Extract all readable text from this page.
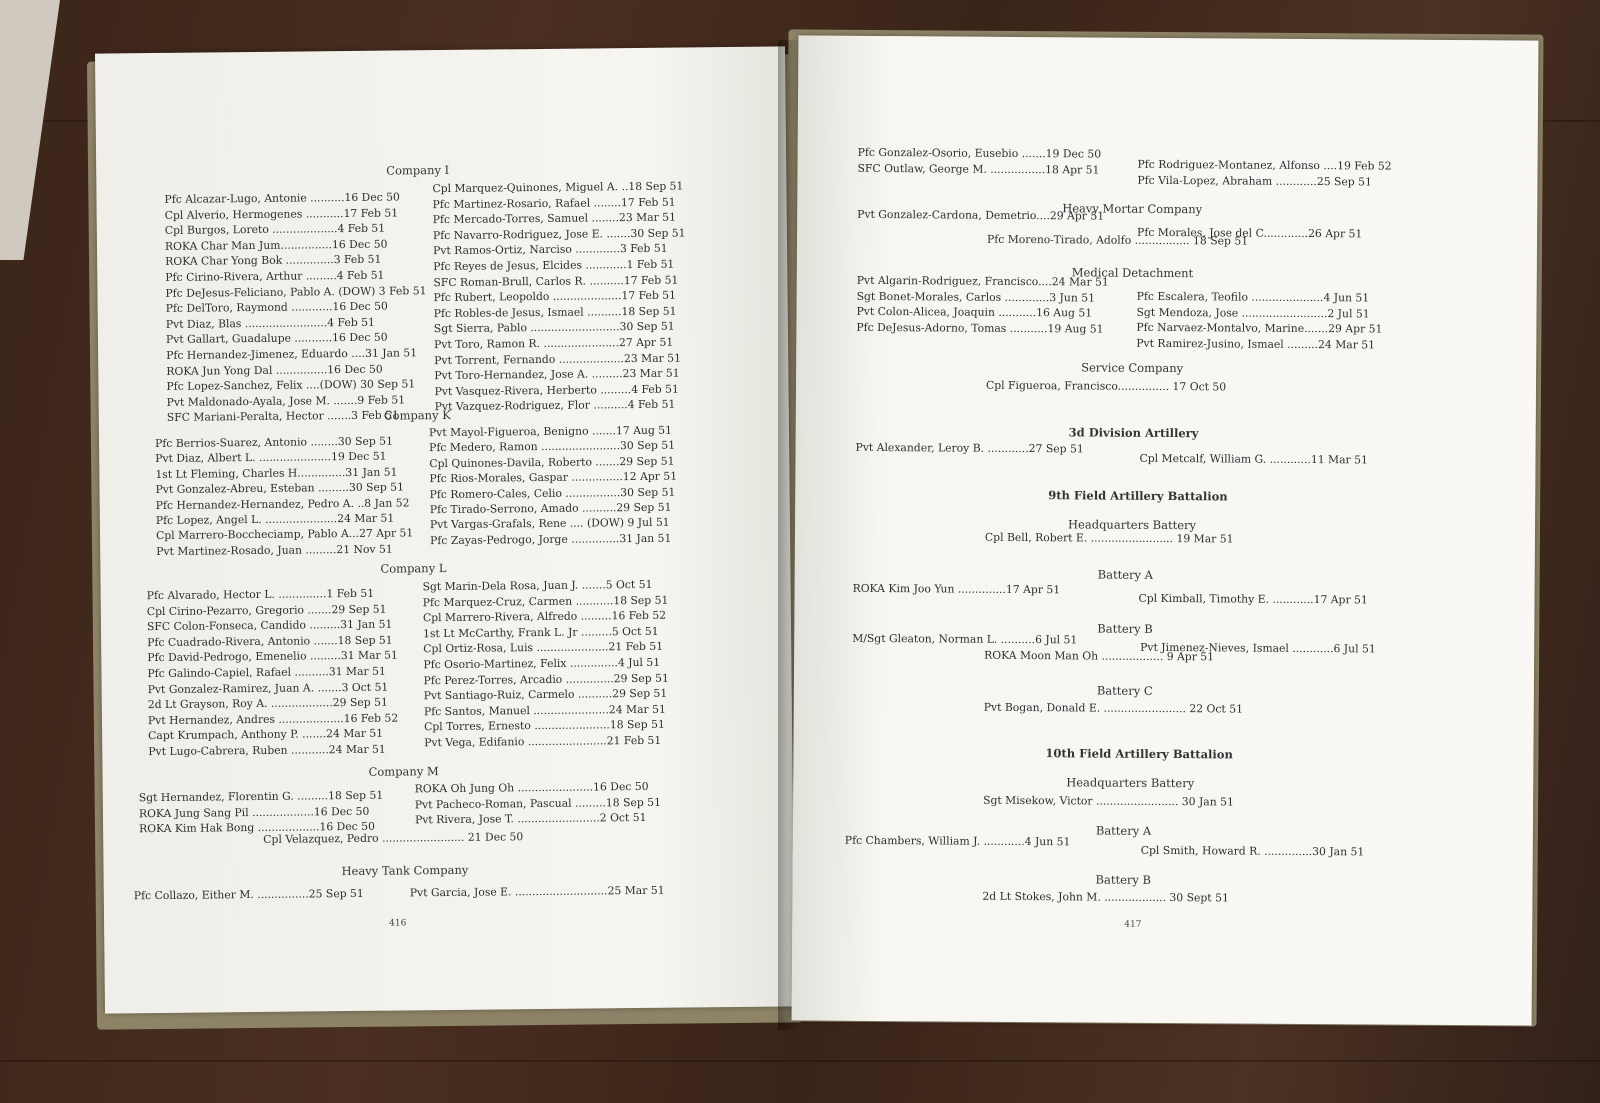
Company I
Pfc Alcazar-Lugo, Antonie ..........16 Dec 50
Cpl Alverio, Hermogenes ...........17 Feb 51
Cpl Burgos, Loreto ...................4 Feb 51
ROKA Char Man Jum...............16 Dec 50
ROKA Char Yong Bok ..............3 Feb 51
Pfc Cirino-Rivera, Arthur .........4 Feb 51
Pfc DeJesus-Feliciano, Pablo A. (DOW) 3 Feb 51
Pfc DelToro, Raymond ............16 Dec 50
Pvt Diaz, Blas ........................4 Feb 51
Pvt Gallart, Guadalupe ...........16 Dec 50
Pfc Hernandez-Jimenez, Eduardo ....31 Jan 51
ROKA Jun Yong Dal ...............16 Dec 50
Pfc Lopez-Sanchez, Felix ....(DOW) 30 Sep 51
Pvt Maldonado-Ayala, Jose M. .......9 Feb 51
SFC Mariani-Peralta, Hector .......3 Feb 51
Cpl Marquez-Quinones, Miguel A. ..18 Sep 51
Pfc Martinez-Rosario, Rafael ........17 Feb 51
Pfc Mercado-Torres, Samuel ........23 Mar 51
Pfc Navarro-Rodriguez, Jose E. .......30 Sep 51
Pvt Ramos-Ortiz, Narciso .............3 Feb 51
Pfc Reyes de Jesus, Elcides ............1 Feb 51
SFC Roman-Brull, Carlos R. ..........17 Feb 51
Pfc Rubert, Leopoldo ....................17 Feb 51
Pfc Robles-de Jesus, Ismael ..........18 Sep 51
Sgt Sierra, Pablo ..........................30 Sep 51
Pvt Toro, Ramon R. ......................27 Apr 51
Pvt Torrent, Fernando ...................23 Mar 51
Pvt Toro-Hernandez, Jose A. .........23 Mar 51
Pvt Vasquez-Rivera, Herberto .........4 Feb 51
Pvt Vazquez-Rodriguez, Flor ..........4 Feb 51
Company K
Pfc Berrios-Suarez, Antonio ........30 Sep 51
Pvt Diaz, Albert L. .....................19 Dec 51
1st Lt Fleming, Charles H..............31 Jan 51
Pvt Gonzalez-Abreu, Esteban .........30 Sep 51
Pfc Hernandez-Hernandez, Pedro A. ..8 Jan 52
Pfc Lopez, Angel L. .....................24 Mar 51
Cpl Marrero-Boccheciamp, Pablo A...27 Apr 51
Pvt Martinez-Rosado, Juan .........21 Nov 51
Pvt Mayol-Figueroa, Benigno .......17 Aug 51
Pfc Medero, Ramon .......................30 Sep 51
Cpl Quinones-Davila, Roberto .......29 Sep 51
Pfc Rios-Morales, Gaspar ...............12 Apr 51
Pfc Romero-Cales, Celio ................30 Sep 51
Pfc Tirado-Serrono, Amado ..........29 Sep 51
Pvt Vargas-Grafals, Rene .... (DOW) 9 Jul 51
Pfc Zayas-Pedrogo, Jorge ..............31 Jan 51
Company L
Pfc Alvarado, Hector L. ..............1 Feb 51
Cpl Cirino-Pezarro, Gregorio .......29 Sep 51
SFC Colon-Fonseca, Candido .........31 Jan 51
Pfc Cuadrado-Rivera, Antonio .......18 Sep 51
Pfc David-Pedrogo, Emenelio .........31 Mar 51
Pfc Galindo-Capiel, Rafael ..........31 Mar 51
Pvt Gonzalez-Ramirez, Juan A. .......3 Oct 51
2d Lt Grayson, Roy A. ..................29 Sep 51
Pvt Hernandez, Andres ...................16 Feb 52
Capt Krumpach, Anthony P. .......24 Mar 51
Pvt Lugo-Cabrera, Ruben ...........24 Mar 51
Sgt Marin-Dela Rosa, Juan J. .......5 Oct 51
Pfc Marquez-Cruz, Carmen ...........18 Sep 51
Cpl Marrero-Rivera, Alfredo .........16 Feb 52
1st Lt McCarthy, Frank L. Jr .........5 Oct 51
Cpl Ortiz-Rosa, Luis .....................21 Feb 51
Pfc Osorio-Martinez, Felix ..............4 Jul 51
Pfc Perez-Torres, Arcadio ..............29 Sep 51
Pvt Santiago-Ruiz, Carmelo ..........29 Sep 51
Pfc Santos, Manuel ......................24 Mar 51
Cpl Torres, Ernesto ......................18 Sep 51
Pvt Vega, Edifanio .......................21 Feb 51
Company M
Sgt Hernandez, Florentin G. .........18 Sep 51
ROKA Jung Sang Pil ..................16 Dec 50
ROKA Kim Hak Bong ..................16 Dec 50
ROKA Oh Jung Oh ......................16 Dec 50
Pvt Pacheco-Roman, Pascual .........18 Sep 51
Pvt Rivera, Jose T. ........................2 Oct 51
Cpl Velazquez, Pedro ........................ 21 Dec 50
Heavy Tank Company
Pfc Collazo, Either M. ...............25 Sep 51	Pvt Garcia, Jose E. ...........................25 Mar 51
416
Pfc Gonzalez-Osorio, Eusebio .......19 Dec 50
SFC Outlaw, George M. ................18 Apr 51	Pfc Rodriguez-Montanez, Alfonso ....19 Feb 52
Pfc Vila-Lopez, Abraham ............25 Sep 51
Heavy Mortar Company
Pvt Gonzalez-Cardona, Demetrio....29 Apr 51
Pfc Morales, Jose del C.............26 Apr 51
Pfc Moreno-Tirado, Adolfo ................ 18 Sep 51
Medical Detachment
Pvt Algarin-Rodriguez, Francisco....24 Mar 51
Sgt Bonet-Morales, Carlos .............3 Jun 51
Pvt Colon-Alicea, Joaquin ...........16 Aug 51
Pfc DeJesus-Adorno, Tomas ...........19 Aug 51
Pfc Escalera, Teofilo .....................4 Jun 51
Sgt Mendoza, Jose .........................2 Jul 51
Pfc Narvaez-Montalvo, Marine.......29 Apr 51
Pvt Ramirez-Jusino, Ismael .........24 Mar 51
Service Company
Cpl Figueroa, Francisco............... 17 Oct 50
3d Division Artillery
Pvt Alexander, Leroy B. ............27 Sep 51
Cpl Metcalf, William G. ............11 Mar 51
9th Field Artillery Battalion
Headquarters Battery
Cpl Bell, Robert E. ........................ 19 Mar 51
Battery A
ROKA Kim Joo Yun ..............17 Apr 51
Cpl Kimball, Timothy E. ............17 Apr 51
Battery B
M/Sgt Gleaton, Norman L. ..........6 Jul 51
Pvt Jimenez-Nieves, Ismael ............6 Jul 51
ROKA Moon Man Oh .................. 9 Apr 51
Battery C
Pvt Bogan, Donald E. ........................ 22 Oct 51
10th Field Artillery Battalion
Headquarters Battery
Sgt Misekow, Victor ........................ 30 Jan 51
Battery A
Pfc Chambers, William J. ............4 Jun 51
Cpl Smith, Howard R. ..............30 Jan 51
Battery B
2d Lt Stokes, John M. .................. 30 Sept 51
417
